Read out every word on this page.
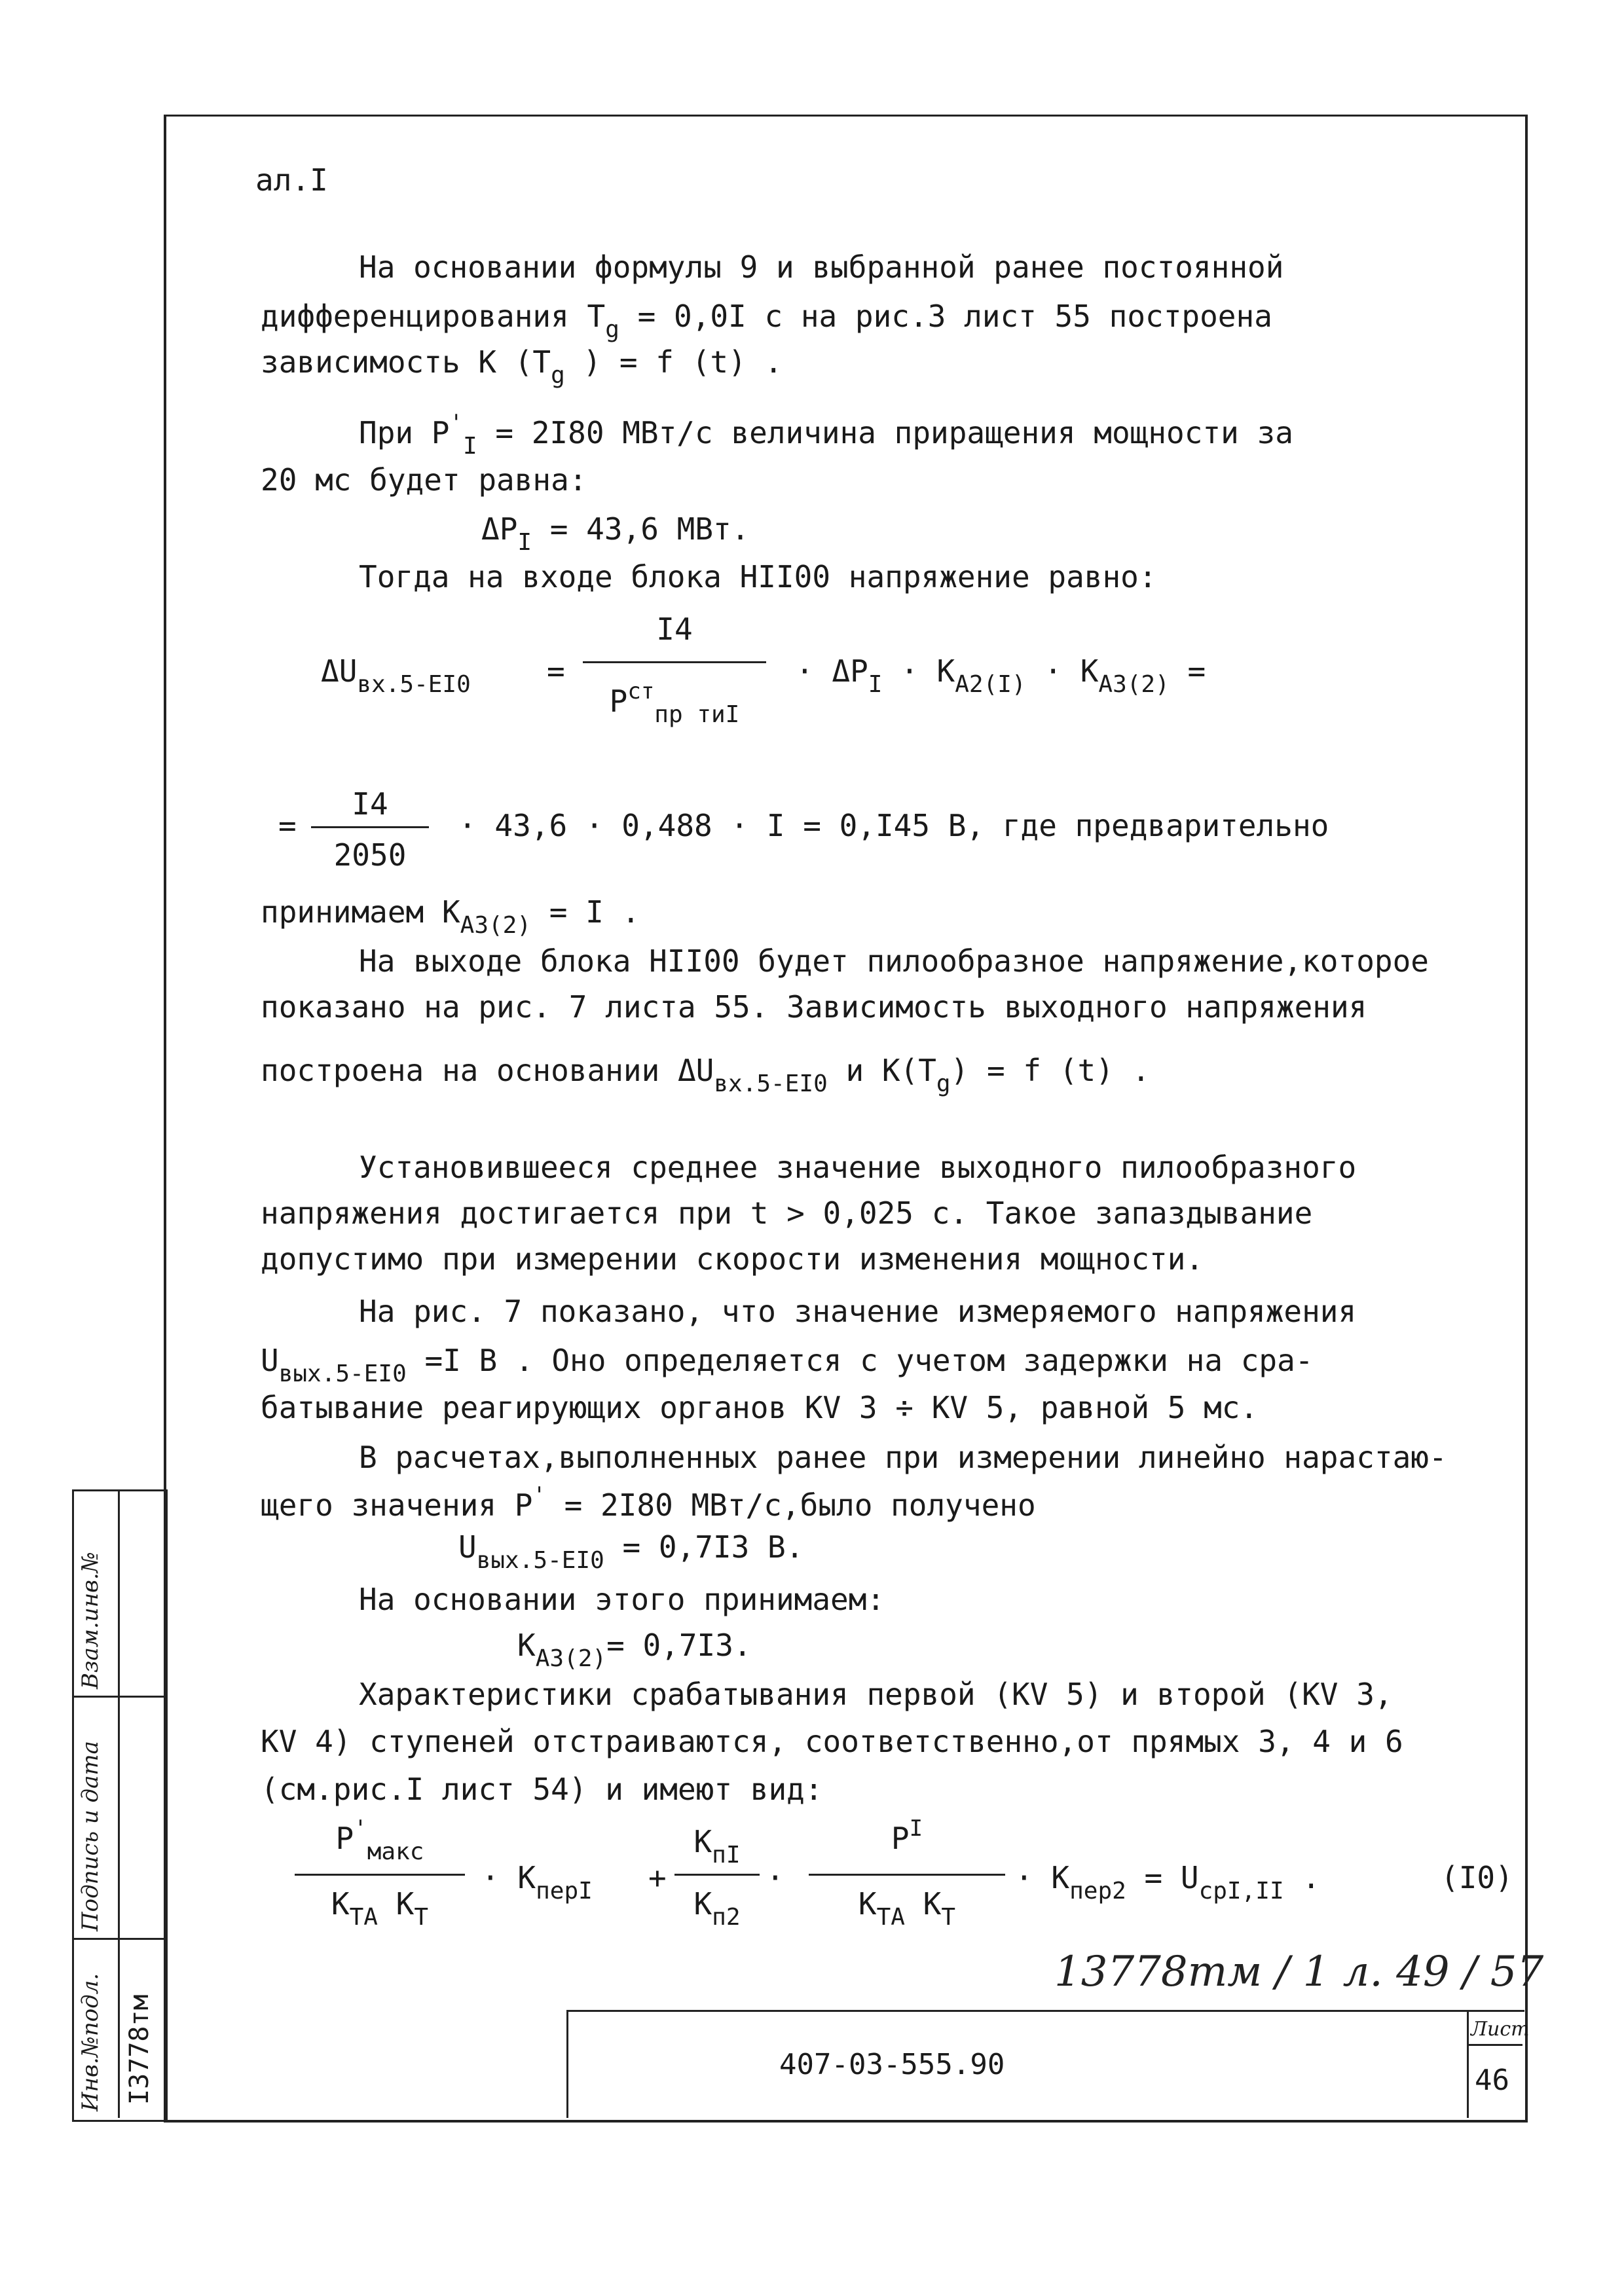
ал.I
На основании формулы 9 и выбранной ранее постоянной
дифференцирования $T_g = 0,0I$ с на рис.3 лист 55 построена
зависимость K ($T_g$ ) = f (t) .
При $P'_I = 2I80$ МВт/с величина приращения мощности за
20 мс будет равна:
$\Delta P_I = 43,6$ МВт.
Тогда на входе блока HII00 напряжение равно:
$\Delta U_{вх.5-EI0}$	=
I4
$P^{ст}_{пр тиI}$
· $\Delta P_I \cdot K_{A2(I)} \cdot K_{A3(2)}$ =
=
I4
2050
· 43,6 · 0,488 · I = 0,I45 B, где предварительно
принимаем $K_{A3(2)} = I$ .
На выходе блока HII00 будет пилообразное напряжение,которое
показано на рис. 7 листа 55. Зависимость выходного напряжения
построена на основании $\Delta U_{вх.5-EI0}$ и $K(T_g) = f$ (t) .
Установившееся среднее значение выходного пилообразного
напряжения достигается при t > 0,025 с. Такое запаздывание
допустимо при измерении скорости изменения мощности.
На рис. 7 показано, что значение измеряемого напряжения
$U_{вых.5-EI0} =I$ B . Оно определяется с учетом задержки на сра-
батывание реагирующих органов KV 3 ÷ KV 5, равной 5 мс.
В расчетах,выполненных ранее при измерении линейно нарастаю-
щего значения P' = 2I80 МВт/с,было получено
$U_{вых.5-EI0} = 0,7I3$ B.
На основании этого принимаем:
$K_{A3(2)}= 0,7I3$.
Характеристики срабатывания первой (KV 5) и второй (KV 3,
KV 4) ступеней отстраиваются, соответственно,от прямых 3, 4 и 6
(см.рис.I лист 54) и имеют вид:
$P'_{макс}$
$K_{TA}$ $K_T$
· $K_{перI}$ +
$K_{пI}$
$K_{п2}$
·
$P^I$
$K_{TA}$ $K_T$
· $K_{пер2} = U_{cpI,II}$ .	(I0)
13778тм / 1 л. 49 / 57
407-03-555.90
Лист
46
Инв.№подл.
Подпись и дата
Взам.инв.№
I3778тм
